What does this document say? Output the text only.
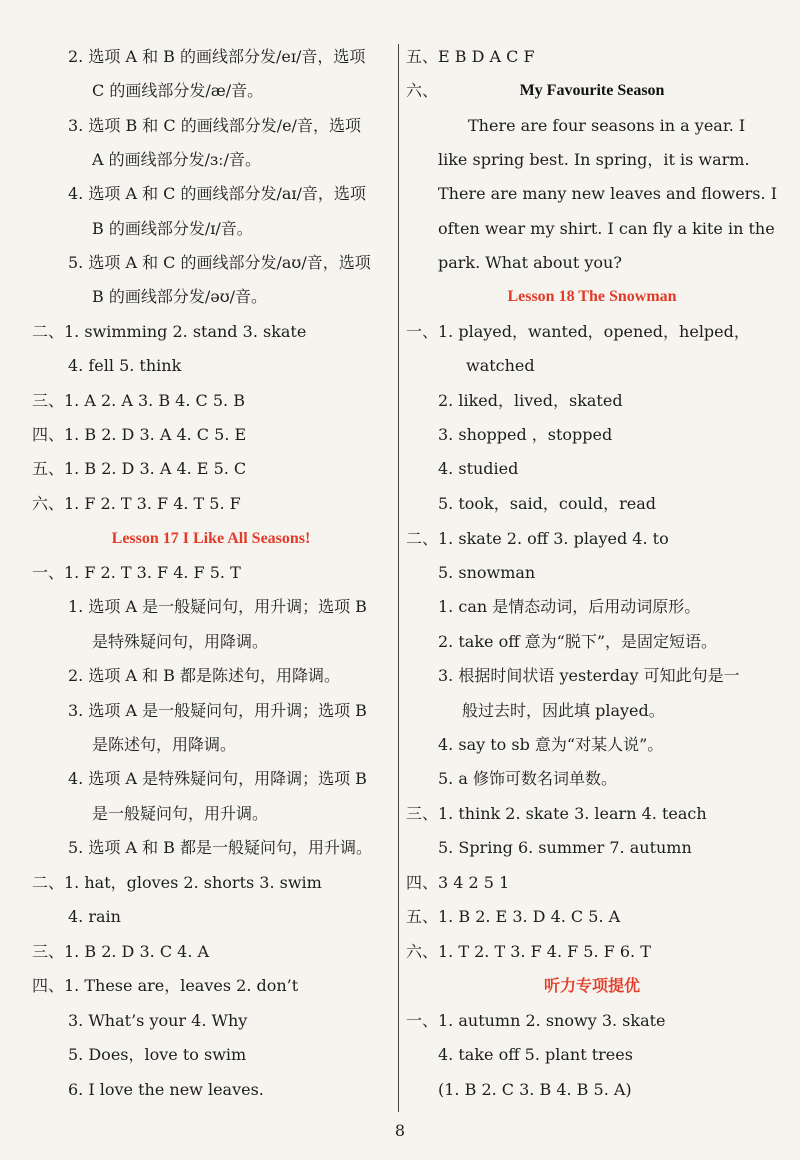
2. 选项 A 和 B 的画线部分发/eɪ/音，选项
C 的画线部分发/æ/音。
3. 选项 B 和 C 的画线部分发/e/音，选项
A 的画线部分发/ɜː/音。
4. 选项 A 和 C 的画线部分发/aɪ/音，选项
B 的画线部分发/ɪ/音。
5. 选项 A 和 C 的画线部分发/aʊ/音，选项
B 的画线部分发/əʊ/音。
二、1. swimming 2. stand 3. skate
4. fell 5. think
三、1. A 2. A 3. B 4. C 5. B
四、1. B 2. D 3. A 4. C 5. E
五、1. B 2. D 3. A 4. E 5. C
六、1. F 2. T 3. F 4. T 5. F
Lesson 17 I Like All Seasons!
一、1. F 2. T 3. F 4. F 5. T
1. 选项 A 是一般疑问句，用升调；选项 B
是特殊疑问句，用降调。
2. 选项 A 和 B 都是陈述句，用降调。
3. 选项 A 是一般疑问句，用升调；选项 B
是陈述句，用降调。
4. 选项 A 是特殊疑问句，用降调；选项 B
是一般疑问句，用升调。
5. 选项 A 和 B 都是一般疑问句，用升调。
二、1. hat，gloves 2. shorts 3. swim
4. rain
三、1. B 2. D 3. C 4. A
四、1. These are，leaves 2. don’t
3. What’s your 4. Why
5. Does，love to swim
6. I love the new leaves.
五、E B D A C F
六、	My Favourite Season
There are four seasons in a year. I
like spring best. In spring，it is warm.
There are many new leaves and flowers. I
often wear my shirt. I can fly a kite in the
park. What about you?
Lesson 18 The Snowman
一、1. played，wanted，opened，helped，
watched
2. liked，lived，skated
3. shopped ，stopped
4. studied
5. took，said，could，read
二、1. skate 2. off 3. played 4. to
5. snowman
1. can 是情态动词，后用动词原形。
2. take off 意为“脱下”，是固定短语。
3. 根据时间状语 yesterday 可知此句是一
般过去时，因此填 played。
4. say to sb 意为“对某人说”。
5. a 修饰可数名词单数。
三、1. think 2. skate 3. learn 4. teach
5. Spring 6. summer 7. autumn
四、3 4 2 5 1
五、1. B 2. E 3. D 4. C 5. A
六、1. T 2. T 3. F 4. F 5. F 6. T
听力专项提优
一、1. autumn 2. snowy 3. skate
4. take off 5. plant trees
(1. B 2. C 3. B 4. B 5. A)
8
